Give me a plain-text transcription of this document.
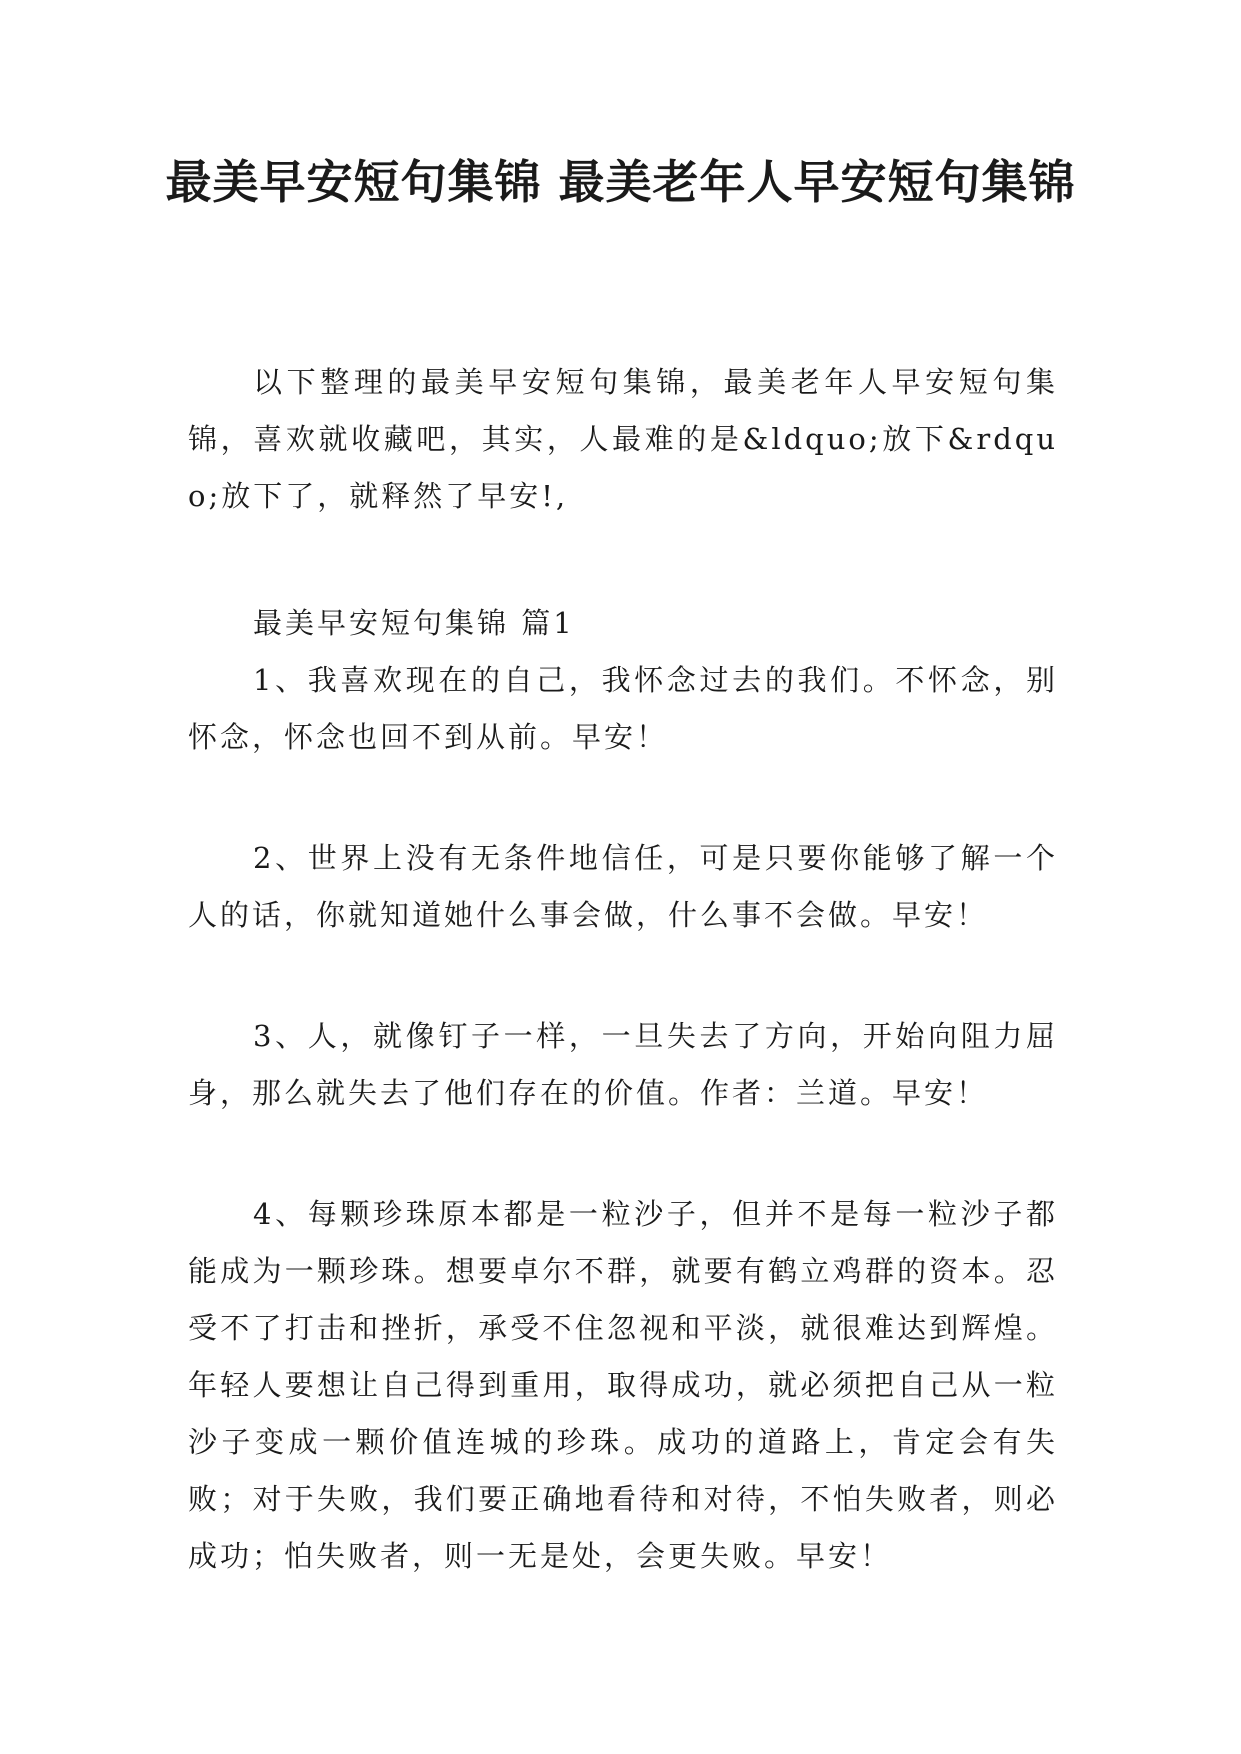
最美早安短句集锦 最美老年人早安短句集锦

以下整理的最美早安短句集锦，最美老年人早安短句集锦，喜欢就收藏吧，其实，人最难的是&ldquo;放下&rdquo;放下了，就释然了早安!,

最美早安短句集锦 篇1

1、我喜欢现在的自己，我怀念过去的我们。不怀念，别怀念，怀念也回不到从前。早安！

2、世界上没有无条件地信任，可是只要你能够了解一个人的话，你就知道她什么事会做，什么事不会做。早安！

3、人，就像钉子一样，一旦失去了方向，开始向阻力屈身，那么就失去了他们存在的价值。作者：兰道。早安！

4、每颗珍珠原本都是一粒沙子，但并不是每一粒沙子都能成为一颗珍珠。想要卓尔不群，就要有鹤立鸡群的资本。忍受不了打击和挫折，承受不住忽视和平淡，就很难达到辉煌。年轻人要想让自己得到重用，取得成功，就必须把自己从一粒沙子变成一颗价值连城的珍珠。成功的道路上，肯定会有失败；对于失败，我们要正确地看待和对待，不怕失败者，则必成功；怕失败者，则一无是处，会更失败。早安！
